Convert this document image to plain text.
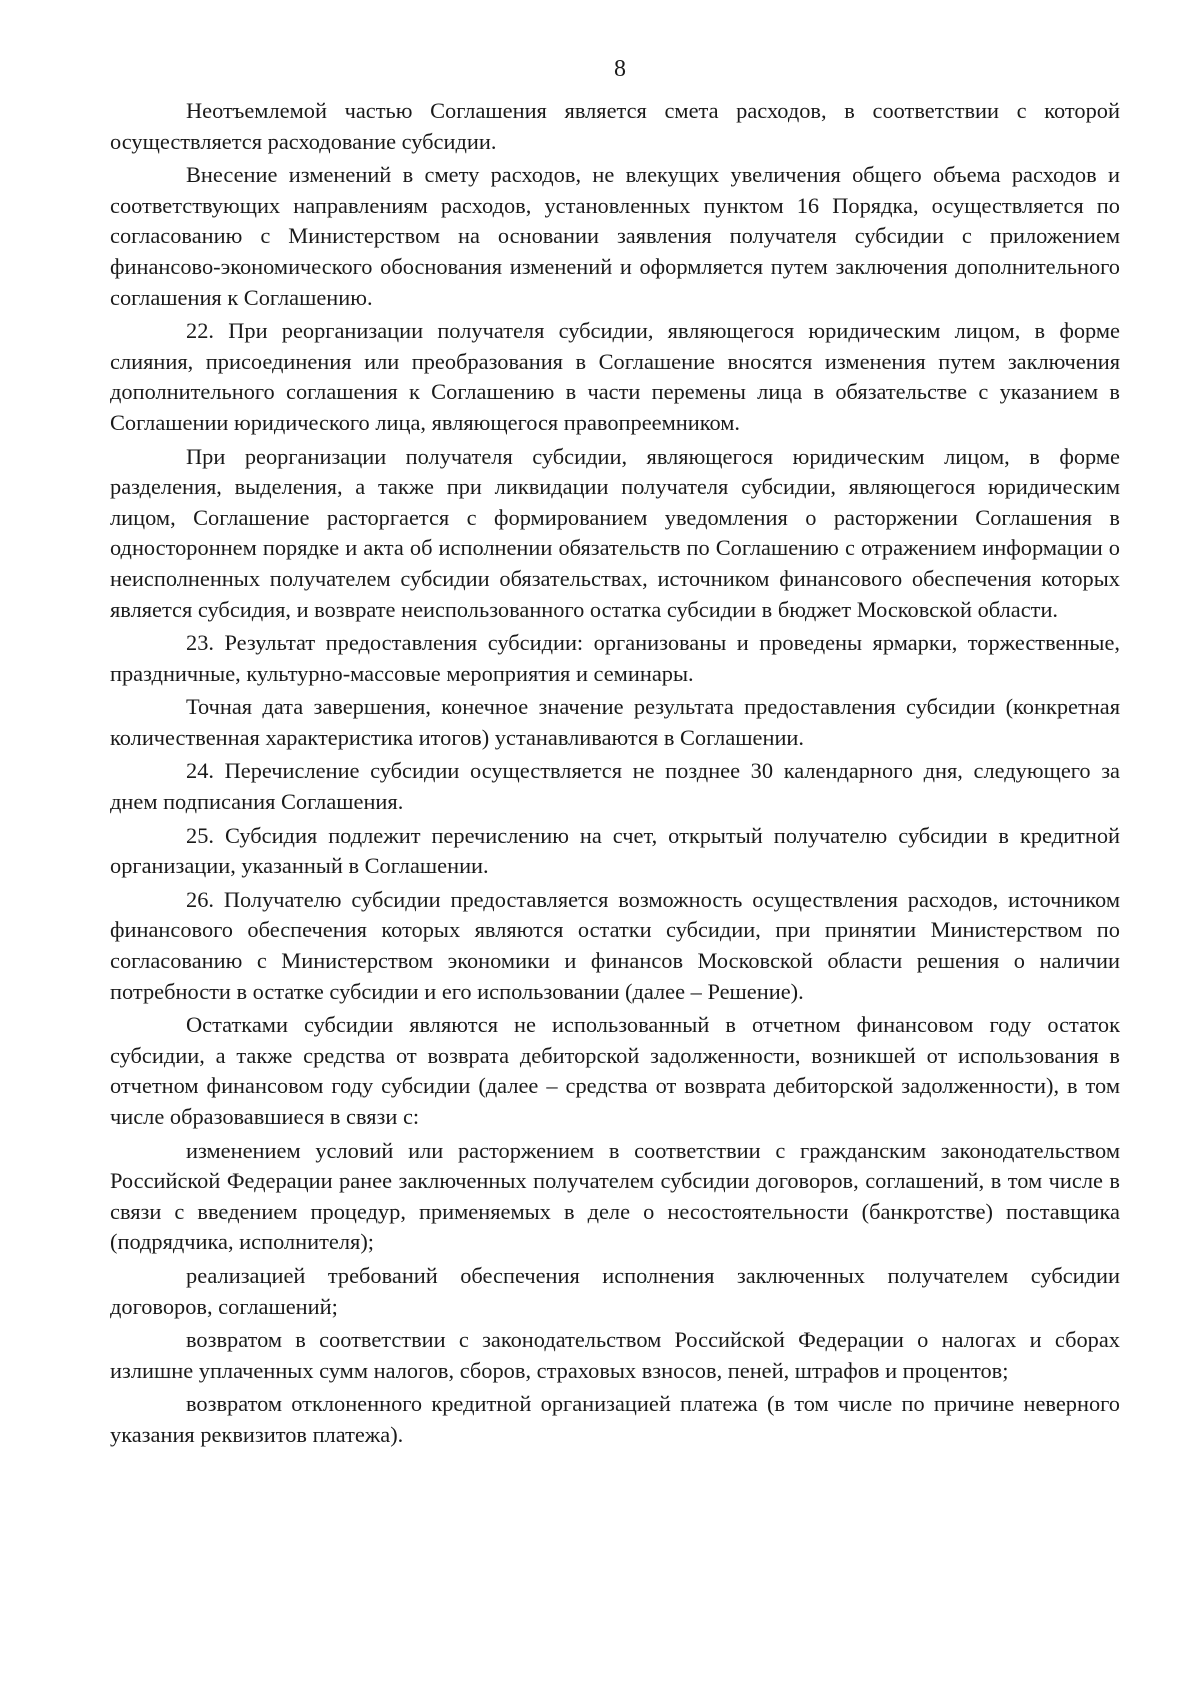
8

Неотъемлемой частью Соглашения является смета расходов, в соответствии с которой осуществляется расходование субсидии.

Внесение изменений в смету расходов, не влекущих увеличения общего объема расходов и соответствующих направлениям расходов, установленных пунктом 16 Порядка, осуществляется по согласованию с Министерством на основании заявления получателя субсидии с приложением финансово-экономического обоснования изменений и оформляется путем заключения дополнительного соглашения к Соглашению.

22. При реорганизации получателя субсидии, являющегося юридическим лицом, в форме слияния, присоединения или преобразования в Соглашение вносятся изменения путем заключения дополнительного соглашения к Соглашению в части перемены лица в обязательстве с указанием в Соглашении юридического лица, являющегося правопреемником.

При реорганизации получателя субсидии, являющегося юридическим лицом, в форме разделения, выделения, а также при ликвидации получателя субсидии, являющегося юридическим лицом, Соглашение расторгается с формированием уведомления о расторжении Соглашения в одностороннем порядке и акта об исполнении обязательств по Соглашению с отражением информации о неисполненных получателем субсидии обязательствах, источником финансового обеспечения которых является субсидия, и возврате неиспользованного остатка субсидии в бюджет Московской области.

23. Результат предоставления субсидии: организованы и проведены ярмарки, торжественные, праздничные, культурно-массовые мероприятия и семинары.

Точная дата завершения, конечное значение результата предоставления субсидии (конкретная количественная характеристика итогов) устанавливаются в Соглашении.

24. Перечисление субсидии осуществляется не позднее 30 календарного дня, следующего за днем подписания Соглашения.

25. Субсидия подлежит перечислению на счет, открытый получателю субсидии в кредитной организации, указанный в Соглашении.

26. Получателю субсидии предоставляется возможность осуществления расходов, источником финансового обеспечения которых являются остатки субсидии, при принятии Министерством по согласованию с Министерством экономики и финансов Московской области решения о наличии потребности в остатке субсидии и его использовании (далее – Решение).

Остатками субсидии являются не использованный в отчетном финансовом году остаток субсидии, а также средства от возврата дебиторской задолженности, возникшей от использования в отчетном финансовом году субсидии (далее – средства от возврата дебиторской задолженности), в том числе образовавшиеся в связи с:

изменением условий или расторжением в соответствии с гражданским законодательством Российской Федерации ранее заключенных получателем субсидии договоров, соглашений, в том числе в связи с введением процедур, применяемых в деле о несостоятельности (банкротстве) поставщика (подрядчика, исполнителя);

реализацией требований обеспечения исполнения заключенных получателем субсидии договоров, соглашений;

возвратом в соответствии с законодательством Российской Федерации о налогах и сборах излишне уплаченных сумм налогов, сборов, страховых взносов, пеней, штрафов и процентов;

возвратом отклоненного кредитной организацией платежа (в том числе по причине неверного указания реквизитов платежа).
